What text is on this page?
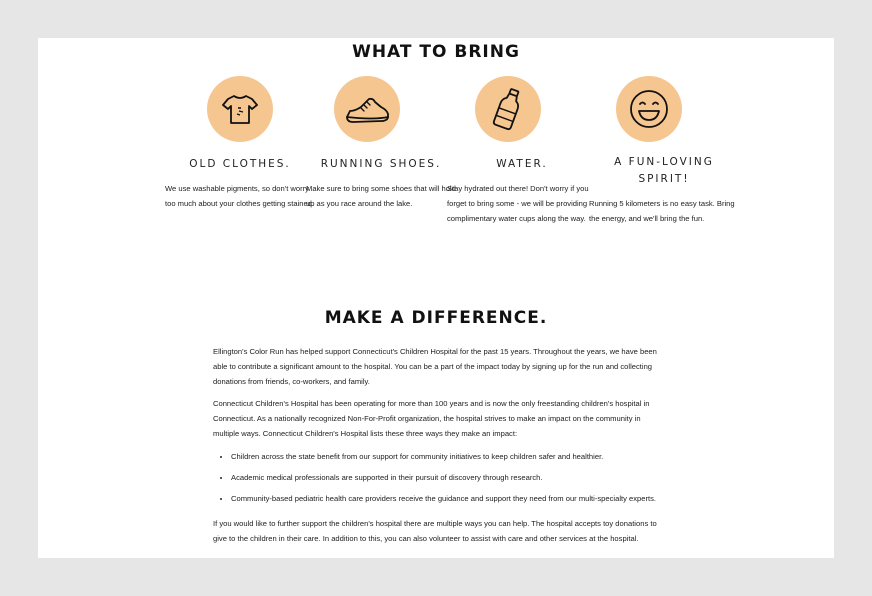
WHAT TO BRING
OLD CLOTHES.
We use washable pigments, so don't worry too much about your clothes getting stained.
RUNNING SHOES.
Make sure to bring some shoes that will hold up as you race around the lake.
WATER.
Stay hydrated out there! Don't worry if you forget to bring some - we will be providing complimentary water cups along the way.
A FUN-LOVING SPIRIT!
Running 5 kilometers is no easy task. Bring the energy, and we'll bring the fun.
MAKE A DIFFERENCE.

Ellington's Color Run has helped support Connecticut's Children Hospital for the past 15 years. Throughout the years, we have been able to contribute a significant amount to the hospital. You can be a part of the impact today by signing up for the run and collecting donations from friends, co-workers, and family.

Connecticut Children's Hospital has been operating for more than 100 years and is now the only freestanding children's hospital in Connecticut. As a nationally recognized Non-For-Profit organization, the hospital strives to make an impact on the community in multiple ways. Connecticut Children's Hospital lists these three ways they make an impact:

• Children across the state benefit from our support for community initiatives to keep children safer and healthier.
• Academic medical professionals are supported in their pursuit of discovery through research.
• Community-based pediatric health care providers receive the guidance and support they need from our multi-specialty experts.

If you would like to further support the children's hospital there are multiple ways you can help. The hospital accepts toy donations to give to the children in their care. In addition to this, you can also volunteer to assist with care and other services at the hospital.
